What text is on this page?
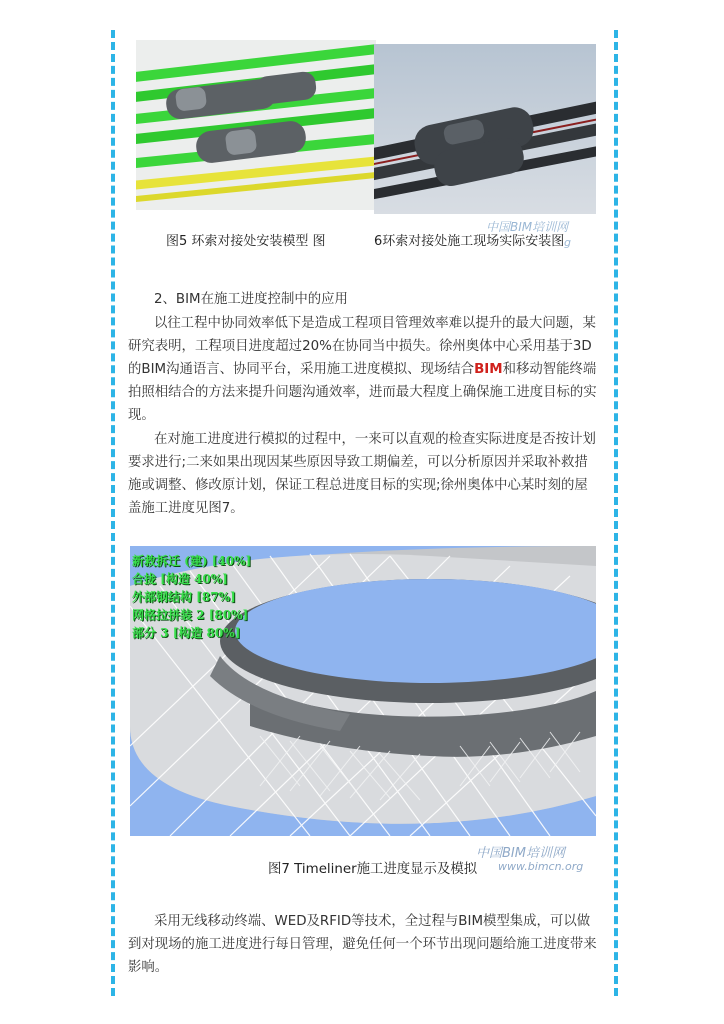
中国BIM培训网
g
图5 环索对接处安装模型 图	6环索对接处施工现场实际安装图
2、BIM在施工进度控制中的应用
以往工程中协同效率低下是造成工程项目管理效率难以提升的最大问题，某研究表明，工程项目进度超过20%在协同当中损失。徐州奥体中心采用基于3D的BIM沟通语言、协同平台，采用施工进度模拟、现场结合BIM和移动智能终端拍照相结合的方法来提升问题沟通效率，进而最大程度上确保施工进度目标的实现。
在对施工进度进行模拟的过程中，一来可以直观的检查实际进度是否按计划要求进行;二来如果出现因某些原因导致工期偏差，可以分析原因并采取补救措施或调整、修改原计划，保证工程总进度目标的实现;徐州奥体中心某时刻的屋盖施工进度见图7。
新救拆迁 (建) [40%]
合拢 [构造 40%]
外部钢结构 [87%]
网格拉拼装 2 [80%]
部分 3 [构造 80%]
中国BIM培训网
www.bimcn.org
图7 Timeliner施工进度显示及模拟
采用无线移动终端、WED及RFID等技术，全过程与BIM模型集成，可以做到对现场的施工进度进行每日管理，避免任何一个环节出现问题给施工进度带来影响。
